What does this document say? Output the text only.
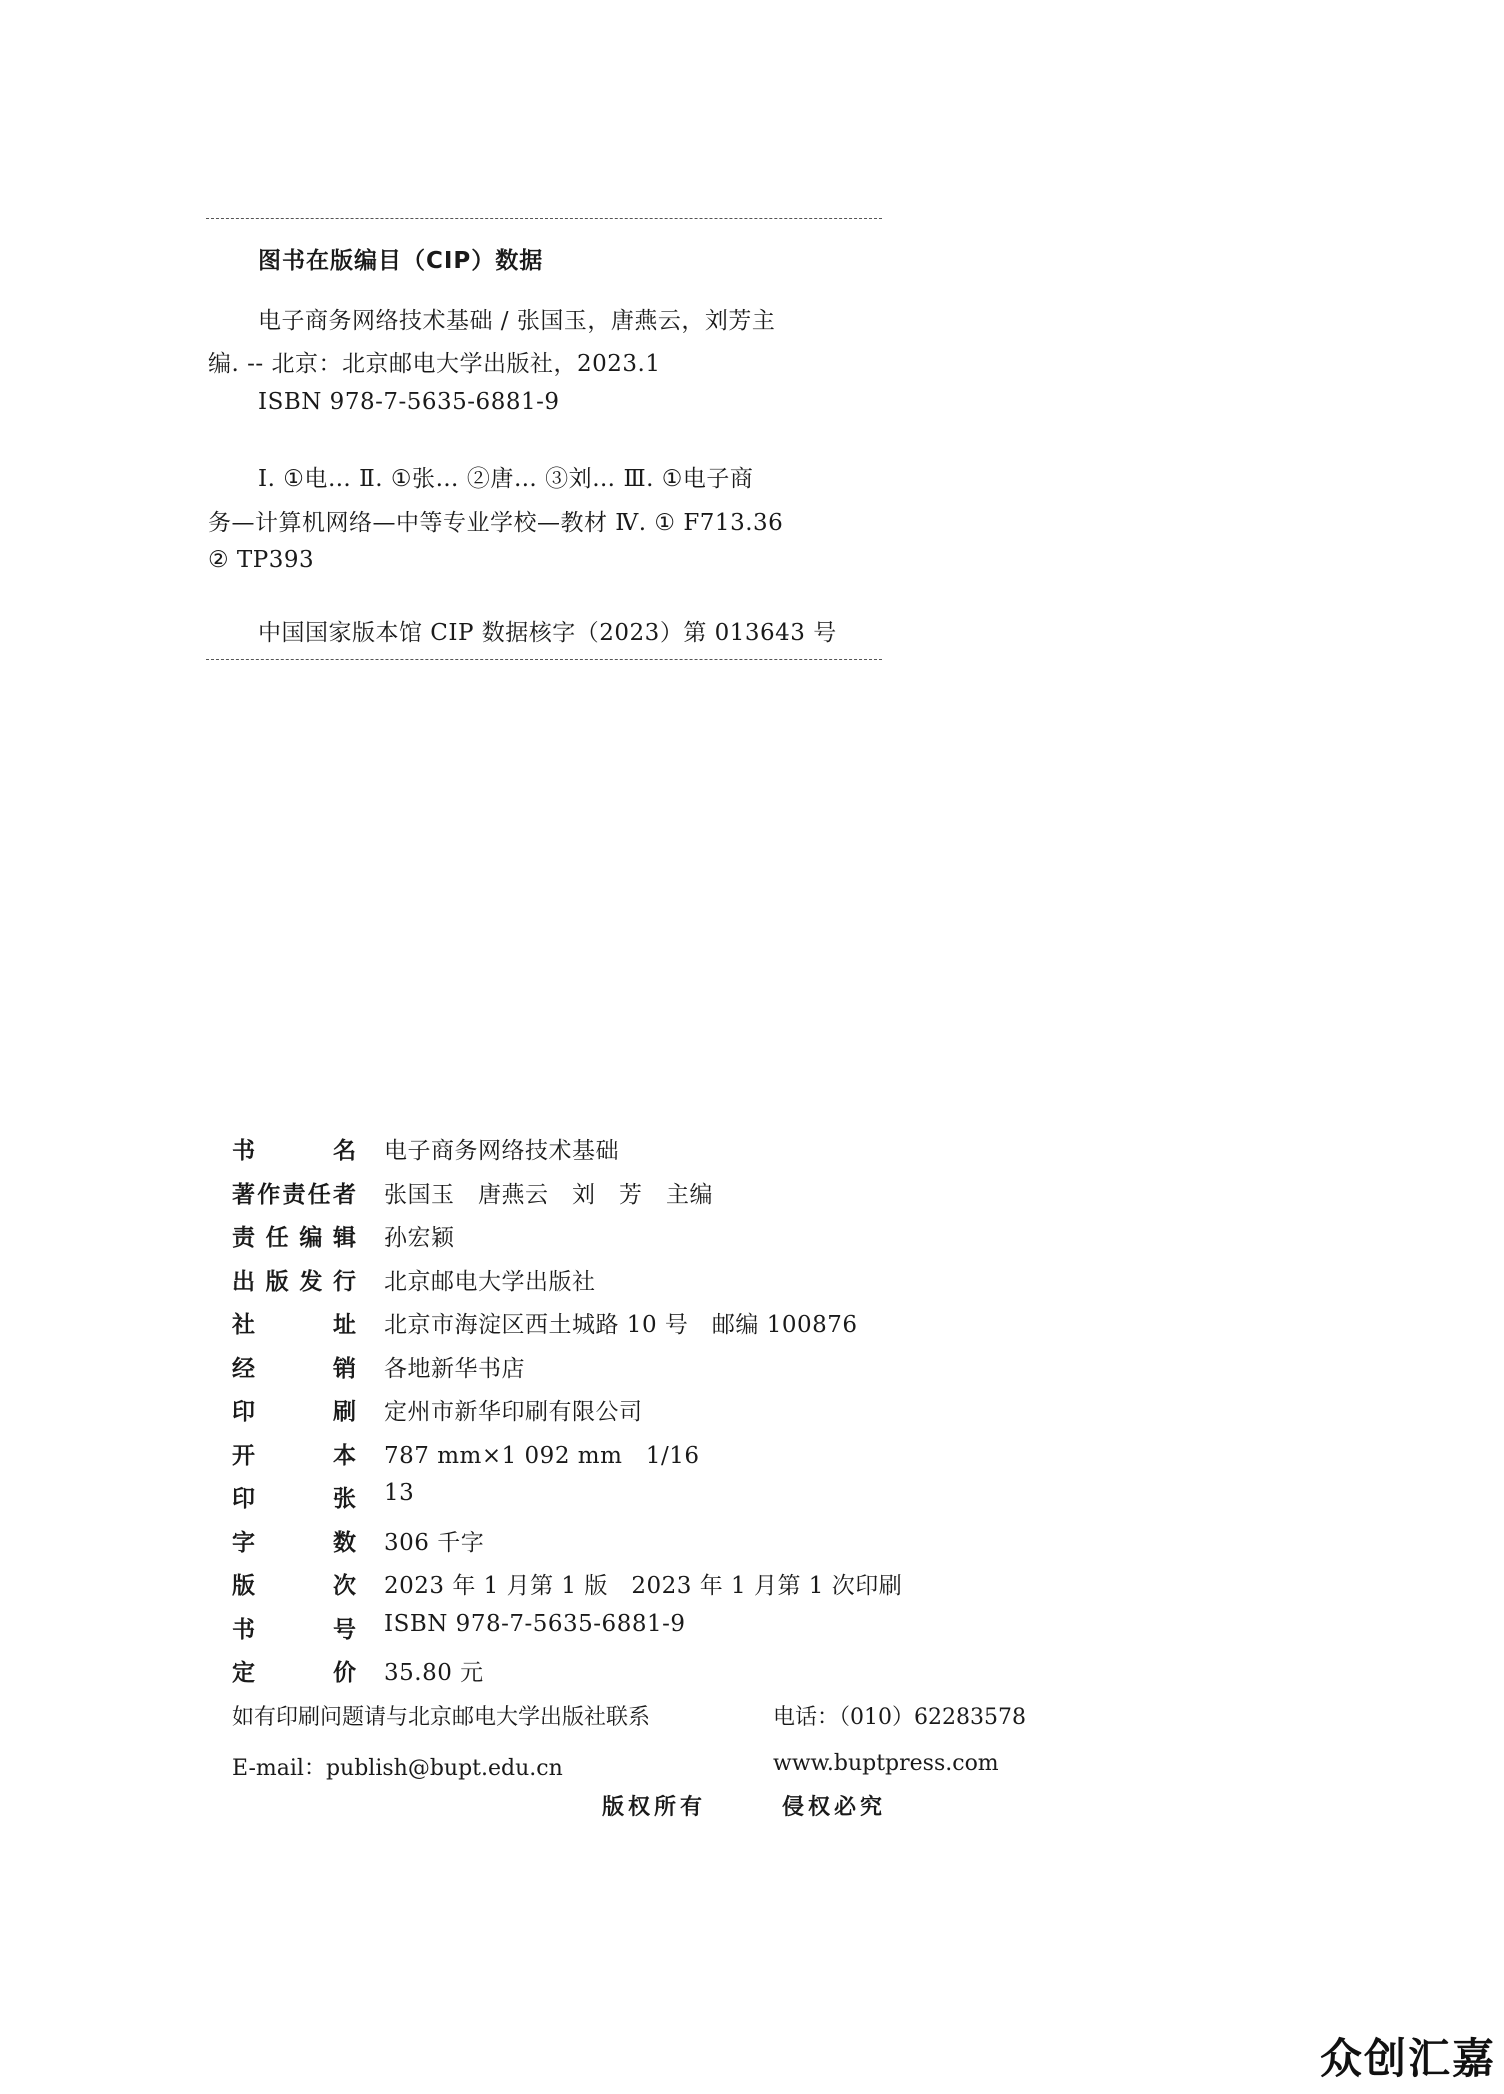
图书在版编目（CIP）数据
电子商务网络技术基础 / 张国玉，唐燕云，刘芳主
编. -- 北京：北京邮电大学出版社，2023.1
ISBN 978-7-5635-6881-9
Ⅰ. ①电… Ⅱ. ①张… ②唐… ③刘… Ⅲ. ①电子商
务—计算机网络—中等专业学校—教材 Ⅳ. ① F713.36
② TP393
中国国家版本馆 CIP 数据核字（2023）第 013643 号
书名 电子商务网络技术基础
著作责任者 张国玉　唐燕云　刘　芳　主编
责任编辑 孙宏颖
出版发行 北京邮电大学出版社
社址 北京市海淀区西土城路 10 号　邮编 100876
经销 各地新华书店
印刷 定州市新华印刷有限公司
开本 787 mm×1 092 mm　1/16
印张 13
字数 306 千字
版次 2023 年 1 月第 1 版　2023 年 1 月第 1 次印刷
书号 ISBN 978-7-5635-6881-9
定价 35.80 元
如有印刷问题请与北京邮电大学出版社联系	电话：（010）62283578
E-mail：publish@bupt.edu.cn	www.buptpress.com
版权所有	侵权必究
众创汇嘉
